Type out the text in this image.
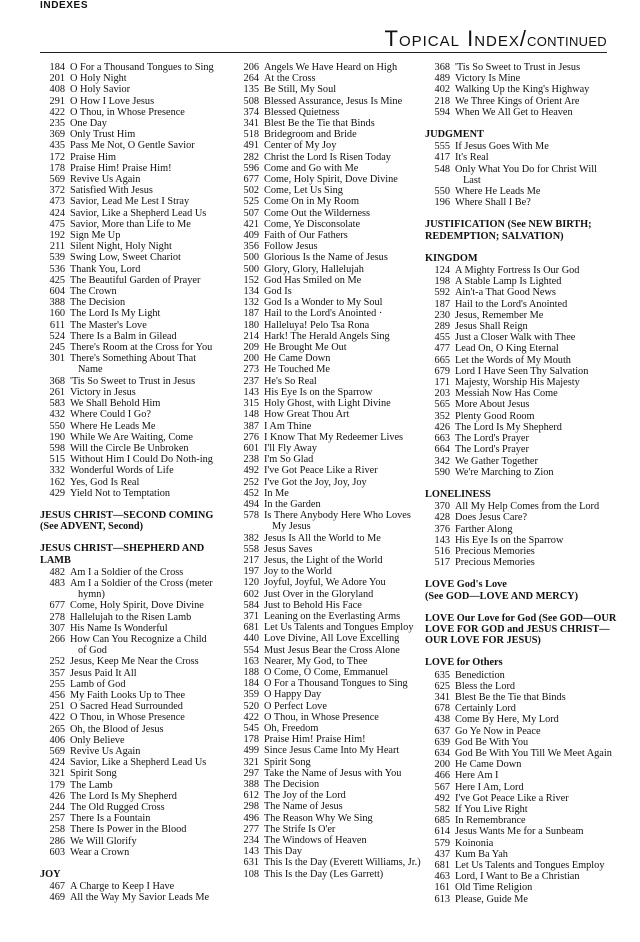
INDEXES
Topical Index/CONTINUED
184 O For a Thousand Tongues to Sing
201 O Holy Night
408 O Holy Savior
291 O How I Love Jesus
422 O Thou, in Whose Presence
235 One Day
369 Only Trust Him
435 Pass Me Not, O Gentle Savior
172 Praise Him
178 Praise Him! Praise Him!
569 Revive Us Again
372 Satisfied With Jesus
473 Savior, Lead Me Lest I Stray
424 Savior, Like a Shepherd Lead Us
475 Savior, More than Life to Me
192 Sign Me Up
211 Silent Night, Holy Night
539 Swing Low, Sweet Chariot
536 Thank You, Lord
425 The Beautiful Garden of Prayer
604 The Crown
388 The Decision
160 The Lord Is My Light
611 The Master's Love
524 There Is a Balm in Gilead
245 There's Room at the Cross for You
301 There's Something About That Name
368 'Tis So Sweet to Trust in Jesus
261 Victory in Jesus
583 We Shall Behold Him
432 Where Could I Go?
550 Where He Leads Me
190 While We Are Waiting, Come
598 Will the Circle Be Unbroken
515 Without Him I Could Do Noth-ing
332 Wonderful Words of Life
162 Yes, God Is Real
429 Yield Not to Temptation
JESUS CHRIST—SECOND COMING
(See ADVENT, Second)
JESUS CHRIST—SHEPHERD AND LAMB
482 Am I a Soldier of the Cross
483 Am I a Soldier of the Cross (meter hymn)
677 Come, Holy Spirit, Dove Divine
278 Hallelujah to the Risen Lamb
307 His Name Is Wonderful
266 How Can You Recognize a Child of God
252 Jesus, Keep Me Near the Cross
357 Jesus Paid It All
255 Lamb of God
456 My Faith Looks Up to Thee
251 O Sacred Head Surrounded
422 O Thou, in Whose Presence
265 Oh, the Blood of Jesus
406 Only Believe
569 Revive Us Again
424 Savior, Like a Shepherd Lead Us
321 Spirit Song
179 The Lamb
426 The Lord Is My Shepherd
244 The Old Rugged Cross
257 There Is a Fountain
258 There Is Power in the Blood
286 We Will Glorify
603 Wear a Crown
JOY
467 A Charge to Keep I Have
469 All the Way My Savior Leads Me
206 Angels We Have Heard on High
264 At the Cross
135 Be Still, My Soul
508 Blessed Assurance, Jesus Is Mine
374 Blessed Quietness
341 Blest Be the Tie that Binds
518 Bridegroom and Bride
491 Center of My Joy
282 Christ the Lord Is Risen Today
596 Come and Go with Me
677 Come, Holy Spirit, Dove Divine
502 Come, Let Us Sing
525 Come On in My Room
507 Come Out the Wilderness
421 Come, Ye Disconsolate
409 Faith of Our Fathers
356 Follow Jesus
500 Glorious Is the Name of Jesus
500 Glory, Glory, Hallelujah
152 God Has Smiled on Me
134 God Is
132 God Is a Wonder to My Soul
187 Hail to the Lord's Anointed ·
180 Halleluya! Pelo Tsa Rona
214 Hark! The Herald Angels Sing
209 He Brought Me Out
200 He Came Down
273 He Touched Me
237 He's So Real
143 His Eye Is on the Sparrow
315 Holy Ghost, with Light Divine
148 How Great Thou Art
387 I Am Thine
276 I Know That My Redeemer Lives
601 I'll Fly Away
238 I'm So Glad
492 I've Got Peace Like a River
252 I've Got the Joy, Joy, Joy
452 In Me
494 In the Garden
578 Is There Anybody Here Who Loves My Jesus
382 Jesus Is All the World to Me
558 Jesus Saves
217 Jesus, the Light of the World
197 Joy to the World
120 Joyful, Joyful, We Adore You
602 Just Over in the Gloryland
584 Just to Behold His Face
371 Leaning on the Everlasting Arms
681 Let Us Talents and Tongues Employ
440 Love Divine, All Love Excelling
554 Must Jesus Bear the Cross Alone
163 Nearer, My God, to Thee
188 O Come, O Come, Emmanuel
184 O For a Thousand Tongues to Sing
359 O Happy Day
520 O Perfect Love
422 O Thou, in Whose Presence
545 Oh, Freedom
178 Praise Him! Praise Him!
499 Since Jesus Came Into My Heart
321 Spirit Song
297 Take the Name of Jesus with You
388 The Decision
612 The Joy of the Lord
298 The Name of Jesus
496 The Reason Why We Sing
277 The Strife Is O'er
234 The Windows of Heaven
143 This Day
631 This Is the Day (Everett Williams, Jr.)
108 This Is the Day (Les Garrett)
368 'Tis So Sweet to Trust in Jesus
489 Victory Is Mine
402 Walking Up the King's Highway
218 We Three Kings of Orient Are
594 When We All Get to Heaven
JUDGMENT
555 If Jesus Goes With Me
417 It's Real
548 Only What You Do for Christ Will Last
550 Where He Leads Me
196 Where Shall I Be?
JUSTIFICATION (See NEW BIRTH; REDEMPTION; SALVATION)
KINGDOM
124 A Mighty Fortress Is Our God
198 A Stable Lamp Is Lighted
592 Ain't-a That Good News
187 Hail to the Lord's Anointed
230 Jesus, Remember Me
289 Jesus Shall Reign
455 Just a Closer Walk with Thee
477 Lead On, O King Eternal
665 Let the Words of My Mouth
679 Lord I Have Seen Thy Salvation
171 Majesty, Worship His Majesty
203 Messiah Now Has Come
565 More About Jesus
352 Plenty Good Room
426 The Lord Is My Shepherd
663 The Lord's Prayer
664 The Lord's Prayer
342 We Gather Together
590 We're Marching to Zion
LONELINESS
370 All My Help Comes from the Lord
428 Does Jesus Care?
376 Farther Along
143 His Eye Is on the Sparrow
516 Precious Memories
517 Precious Memories
LOVE God's Love
(See GOD—LOVE AND MERCY)
LOVE Our Love for God (See GOD—OUR LOVE FOR GOD and JESUS CHRIST—OUR LOVE FOR JESUS)
LOVE for Others
635 Benediction
625 Bless the Lord
341 Blest Be the Tie that Binds
678 Certainly Lord
438 Come By Here, My Lord
637 Go Ye Now in Peace
639 God Be With You
634 God Be With You Till We Meet Again
200 He Came Down
466 Here Am I
567 Here I Am, Lord
492 I've Got Peace Like a River
582 If You Live Right
685 In Remembrance
614 Jesus Wants Me for a Sunbeam
579 Koinonia
437 Kum Ba Yah
681 Let Us Talents and Tongues Employ
463 Lord, I Want to Be a Christian
161 Old Time Religion
613 Please, Guide Me
